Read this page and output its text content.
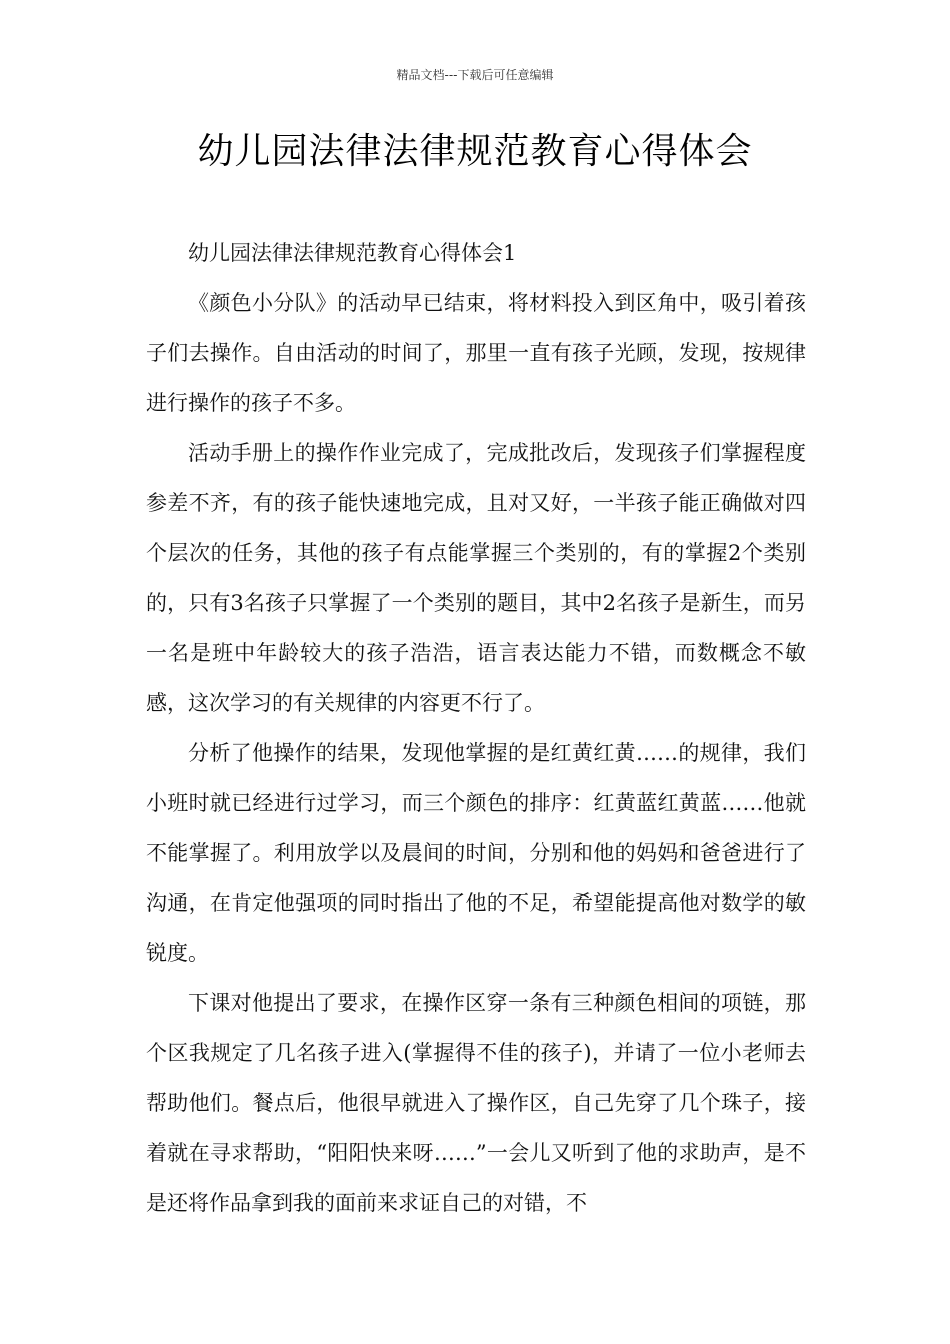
精品文档---下载后可任意编辑
幼儿园法律法律规范教育心得体会

幼儿园法律法律规范教育心得体会1

《颜色小分队》的活动早已结束，将材料投入到区角中，吸引着孩子们去操作。自由活动的时间了，那里一直有孩子光顾，发现，按规律进行操作的孩子不多。

活动手册上的操作作业完成了，完成批改后，发现孩子们掌握程度参差不齐，有的孩子能快速地完成，且对又好，一半孩子能正确做对四个层次的任务，其他的孩子有点能掌握三个类别的，有的掌握2个类别的，只有3名孩子只掌握了一个类别的题目，其中2名孩子是新生，而另一名是班中年龄较大的孩子浩浩，语言表达能力不错，而数概念不敏感，这次学习的有关规律的内容更不行了。

分析了他操作的结果，发现他掌握的是红黄红黄……的规律，我们小班时就已经进行过学习，而三个颜色的排序：红黄蓝红黄蓝……他就不能掌握了。利用放学以及晨间的时间，分别和他的妈妈和爸爸进行了沟通，在肯定他强项的同时指出了他的不足，希望能提高他对数学的敏锐度。

下课对他提出了要求，在操作区穿一条有三种颜色相间的项链，那个区我规定了几名孩子进入(掌握得不佳的孩子)，并请了一位小老师去帮助他们。餐点后，他很早就进入了操作区，自己先穿了几个珠子，接着就在寻求帮助，“阳阳快来呀……”一会儿又听到了他的求助声，是不是还将作品拿到我的面前来求证自己的对错，不
